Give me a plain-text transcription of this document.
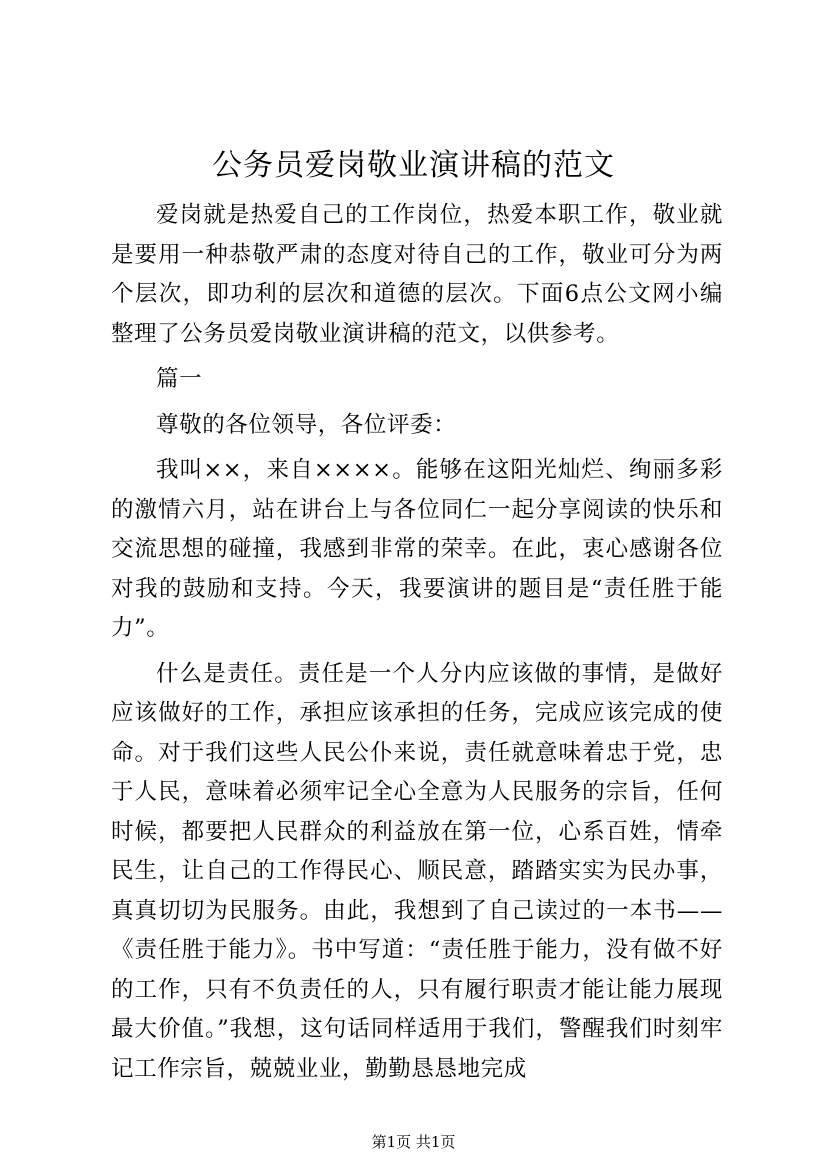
公务员爱岗敬业演讲稿的范文

爱岗就是热爱自己的工作岗位，热爱本职工作，敬业就是要用一种恭敬严肃的态度对待自己的工作，敬业可分为两个层次，即功利的层次和道德的层次。下面6点公文网小编整理了公务员爱岗敬业演讲稿的范文，以供参考。

篇一

尊敬的各位领导，各位评委：

我叫××，来自××××。能够在这阳光灿烂、绚丽多彩的激情六月，站在讲台上与各位同仁一起分享阅读的快乐和交流思想的碰撞，我感到非常的荣幸。在此，衷心感谢各位对我的鼓励和支持。今天，我要演讲的题目是“责任胜于能力”。

什么是责任。责任是一个人分内应该做的事情，是做好应该做好的工作，承担应该承担的任务，完成应该完成的使命。对于我们这些人民公仆来说，责任就意味着忠于党，忠于人民，意味着必须牢记全心全意为人民服务的宗旨，任何时候，都要把人民群众的利益放在第一位，心系百姓，情牵民生，让自己的工作得民心、顺民意，踏踏实实为民办事，真真切切为民服务。由此，我想到了自己读过的一本书——《责任胜于能力》。书中写道：“责任胜于能力，没有做不好的工作，只有不负责任的人，只有履行职责才能让能力展现最大价值。”我想，这句话同样适用于我们，警醒我们时刻牢记工作宗旨，兢兢业业，勤勤恳恳地完成

第1页 共1页
